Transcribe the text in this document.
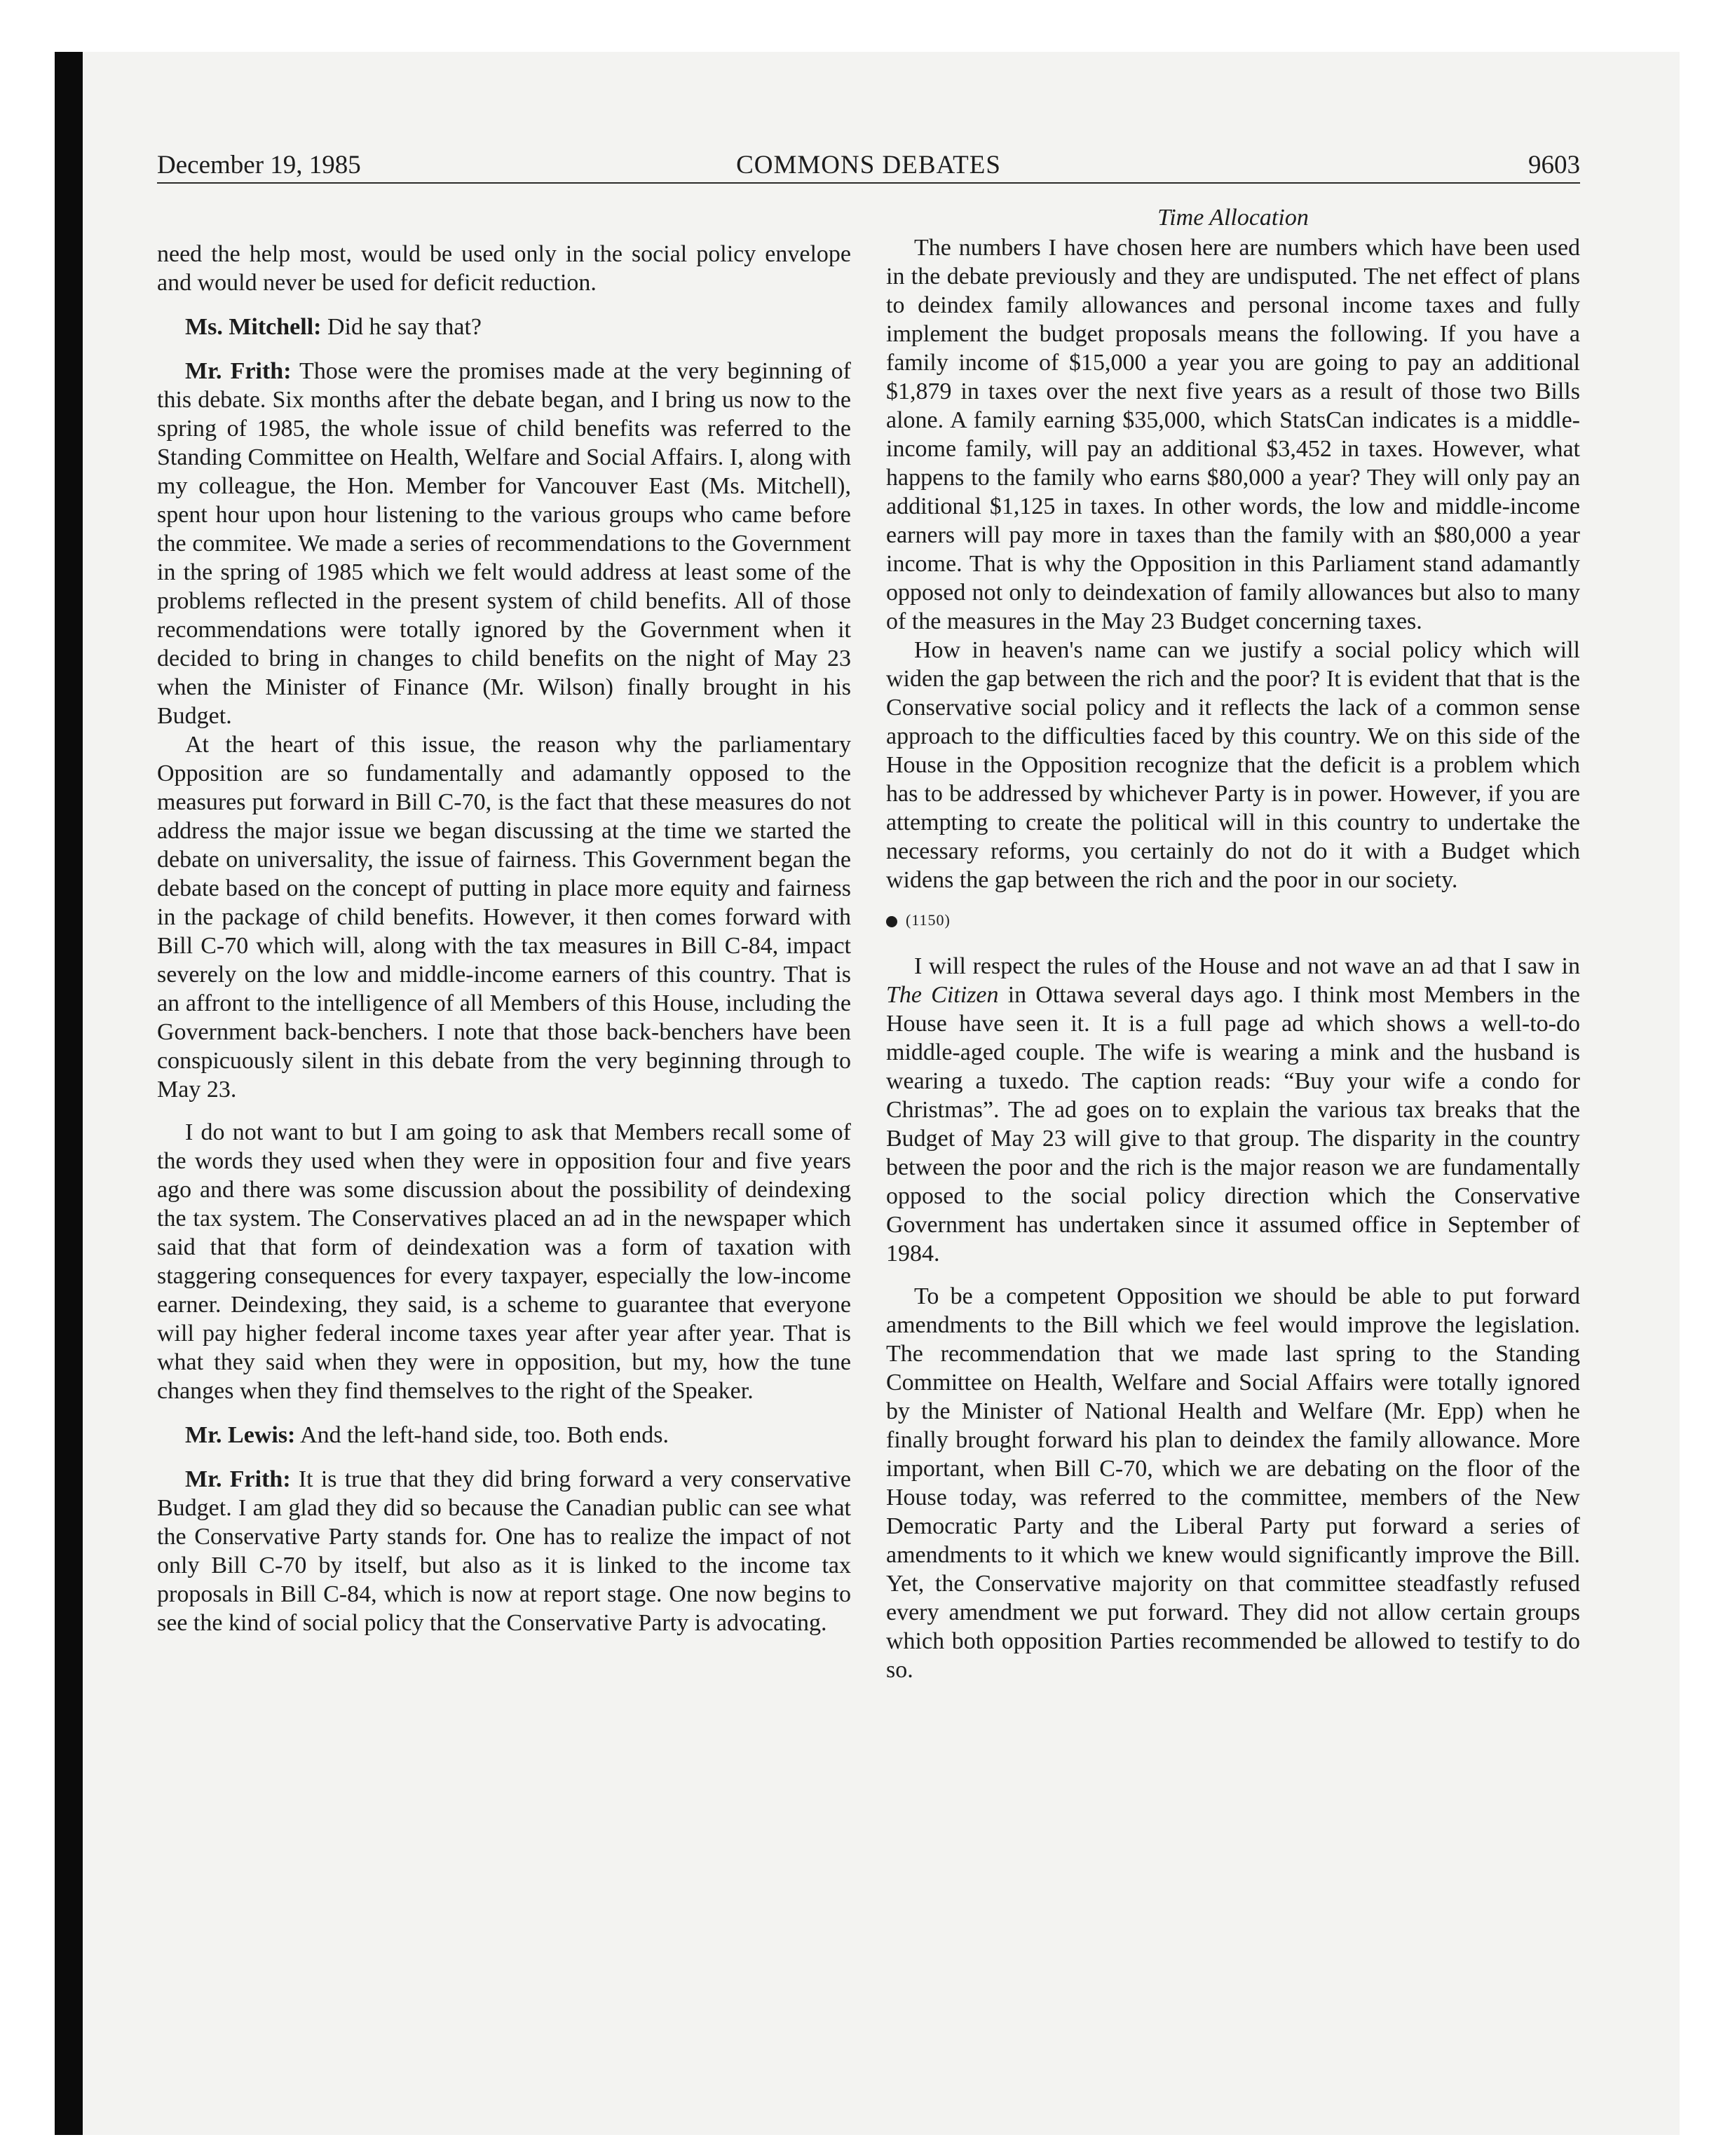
December 19, 1985	COMMONS DEBATES	9603

need the help most, would be used only in the social policy envelope and would never be used for deficit reduction.

Ms. Mitchell: Did he say that?

Mr. Frith: Those were the promises made at the very beginning of this debate. Six months after the debate began, and I bring us now to the spring of 1985, the whole issue of child benefits was referred to the Standing Committee on Health, Welfare and Social Affairs. I, along with my colleague, the Hon. Member for Vancouver East (Ms. Mitchell), spent hour upon hour listening to the various groups who came before the commitee. We made a series of recommendations to the Government in the spring of 1985 which we felt would address at least some of the problems reflected in the present system of child benefits. All of those recommendations were totally ignored by the Government when it decided to bring in changes to child benefits on the night of May 23 when the Minister of Finance (Mr. Wilson) finally brought in his Budget.

At the heart of this issue, the reason why the parliamentary Opposition are so fundamentally and adamantly opposed to the measures put forward in Bill C-70, is the fact that these measures do not address the major issue we began discussing at the time we started the debate on universality, the issue of fairness. This Government began the debate based on the concept of putting in place more equity and fairness in the package of child benefits. However, it then comes forward with Bill C-70 which will, along with the tax measures in Bill C-84, impact severely on the low and middle-income earners of this country. That is an affront to the intelligence of all Members of this House, including the Government back-benchers. I note that those back-benchers have been conspicuously silent in this debate from the very beginning through to May 23.

I do not want to but I am going to ask that Members recall some of the words they used when they were in opposition four and five years ago and there was some discussion about the possibility of deindexing the tax system. The Conservatives placed an ad in the newspaper which said that that form of deindexation was a form of taxation with staggering consequences for every taxpayer, especially the low-income earner. Deindexing, they said, is a scheme to guarantee that everyone will pay higher federal income taxes year after year after year. That is what they said when they were in opposition, but my, how the tune changes when they find themselves to the right of the Speaker.

Mr. Lewis: And the left-hand side, too. Both ends.

Mr. Frith: It is true that they did bring forward a very conservative Budget. I am glad they did so because the Canadian public can see what the Conservative Party stands for. One has to realize the impact of not only Bill C-70 by itself, but also as it is linked to the income tax proposals in Bill C-84, which is now at report stage. One now begins to see the kind of social policy that the Conservative Party is advocating.

Time Allocation

The numbers I have chosen here are numbers which have been used in the debate previously and they are undisputed. The net effect of plans to deindex family allowances and personal income taxes and fully implement the budget proposals means the following. If you have a family income of $15,000 a year you are going to pay an additional $1,879 in taxes over the next five years as a result of those two Bills alone. A family earning $35,000, which StatsCan indicates is a middle-income family, will pay an additional $3,452 in taxes. However, what happens to the family who earns $80,000 a year? They will only pay an additional $1,125 in taxes. In other words, the low and middle-income earners will pay more in taxes than the family with an $80,000 a year income. That is why the Opposition in this Parliament stand adamantly opposed not only to deindexation of family allowances but also to many of the measures in the May 23 Budget concerning taxes.

How in heaven's name can we justify a social policy which will widen the gap between the rich and the poor? It is evident that that is the Conservative social policy and it reflects the lack of a common sense approach to the difficulties faced by this country. We on this side of the House in the Opposition recognize that the deficit is a problem which has to be addressed by whichever Party is in power. However, if you are attempting to create the political will in this country to undertake the necessary reforms, you certainly do not do it with a Budget which widens the gap between the rich and the poor in our society.

(1150)

I will respect the rules of the House and not wave an ad that I saw in The Citizen in Ottawa several days ago. I think most Members in the House have seen it. It is a full page ad which shows a well-to-do middle-aged couple. The wife is wearing a mink and the husband is wearing a tuxedo. The caption reads: “Buy your wife a condo for Christmas”. The ad goes on to explain the various tax breaks that the Budget of May 23 will give to that group. The disparity in the country between the poor and the rich is the major reason we are fundamentally opposed to the social policy direction which the Conservative Government has undertaken since it assumed office in September of 1984.

To be a competent Opposition we should be able to put forward amendments to the Bill which we feel would improve the legislation. The recommendation that we made last spring to the Standing Committee on Health, Welfare and Social Affairs were totally ignored by the Minister of National Health and Welfare (Mr. Epp) when he finally brought forward his plan to deindex the family allowance. More important, when Bill C-70, which we are debating on the floor of the House today, was referred to the committee, members of the New Democratic Party and the Liberal Party put forward a series of amendments to it which we knew would significantly improve the Bill. Yet, the Conservative majority on that committee steadfastly refused every amendment we put forward. They did not allow certain groups which both opposition Parties recommended be allowed to testify to do so.
